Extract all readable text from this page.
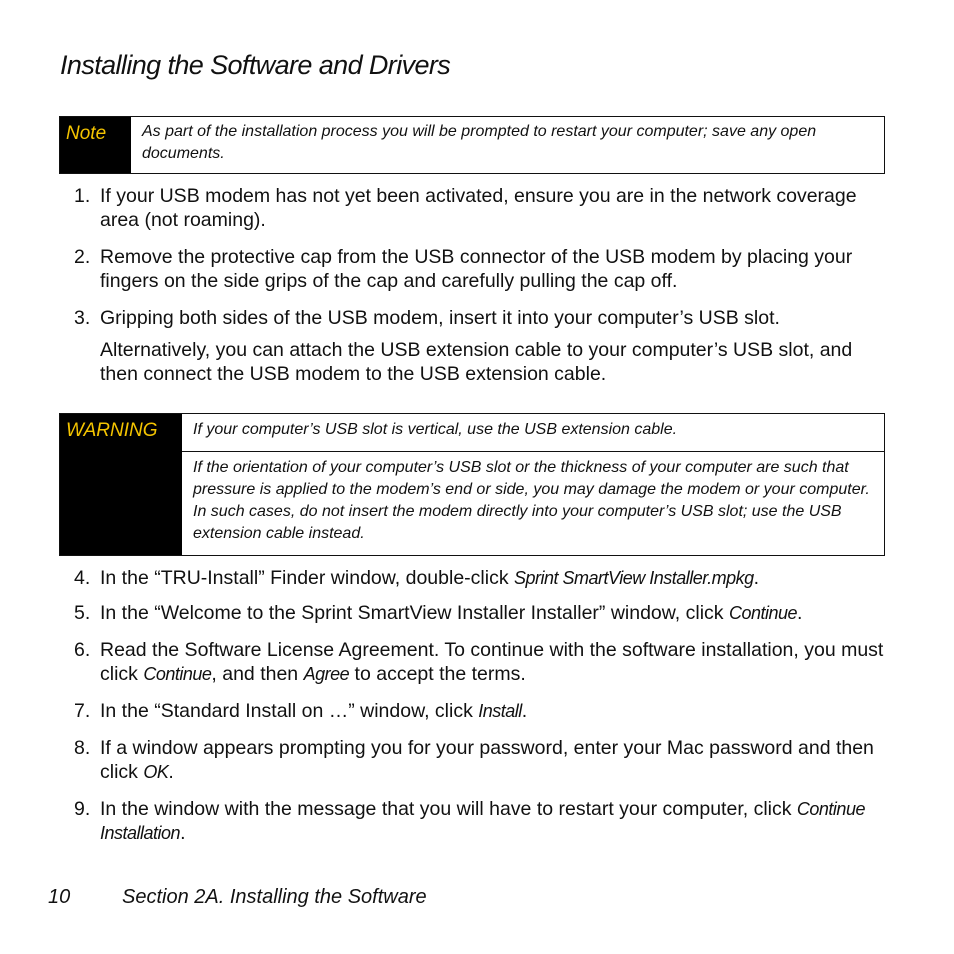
Installing the Software and Drivers
Note	As part of the installation process you will be prompted to restart your computer; save any open documents.
1. If your USB modem has not yet been activated, ensure you are in the network coverage area (not roaming).
2. Remove the protective cap from the USB connector of the USB modem by placing your fingers on the side grips of the cap and carefully pulling the cap off.
3. Gripping both sides of the USB modem, insert it into your computer’s USB slot.
Alternatively, you can attach the USB extension cable to your computer’s USB slot, and then connect the USB modem to the USB extension cable.
WARNING	If your computer’s USB slot is vertical, use the USB extension cable.
If the orientation of your computer’s USB slot or the thickness of your computer are such that pressure is applied to the modem’s end or side, you may damage the modem or your computer. In such cases, do not insert the modem directly into your computer’s USB slot; use the USB extension cable instead.
4. In the “TRU-Install” Finder window, double-click Sprint SmartView Installer.mpkg.
5. In the “Welcome to the Sprint SmartView Installer Installer” window, click Continue.
6. Read the Software License Agreement. To continue with the software installation, you must click Continue, and then Agree to accept the terms.
7. In the “Standard Install on …” window, click Install.
8. If a window appears prompting you for your password, enter your Mac password and then click OK.
9. In the window with the message that you will have to restart your computer, click Continue Installation.
10	Section 2A. Installing the Software
